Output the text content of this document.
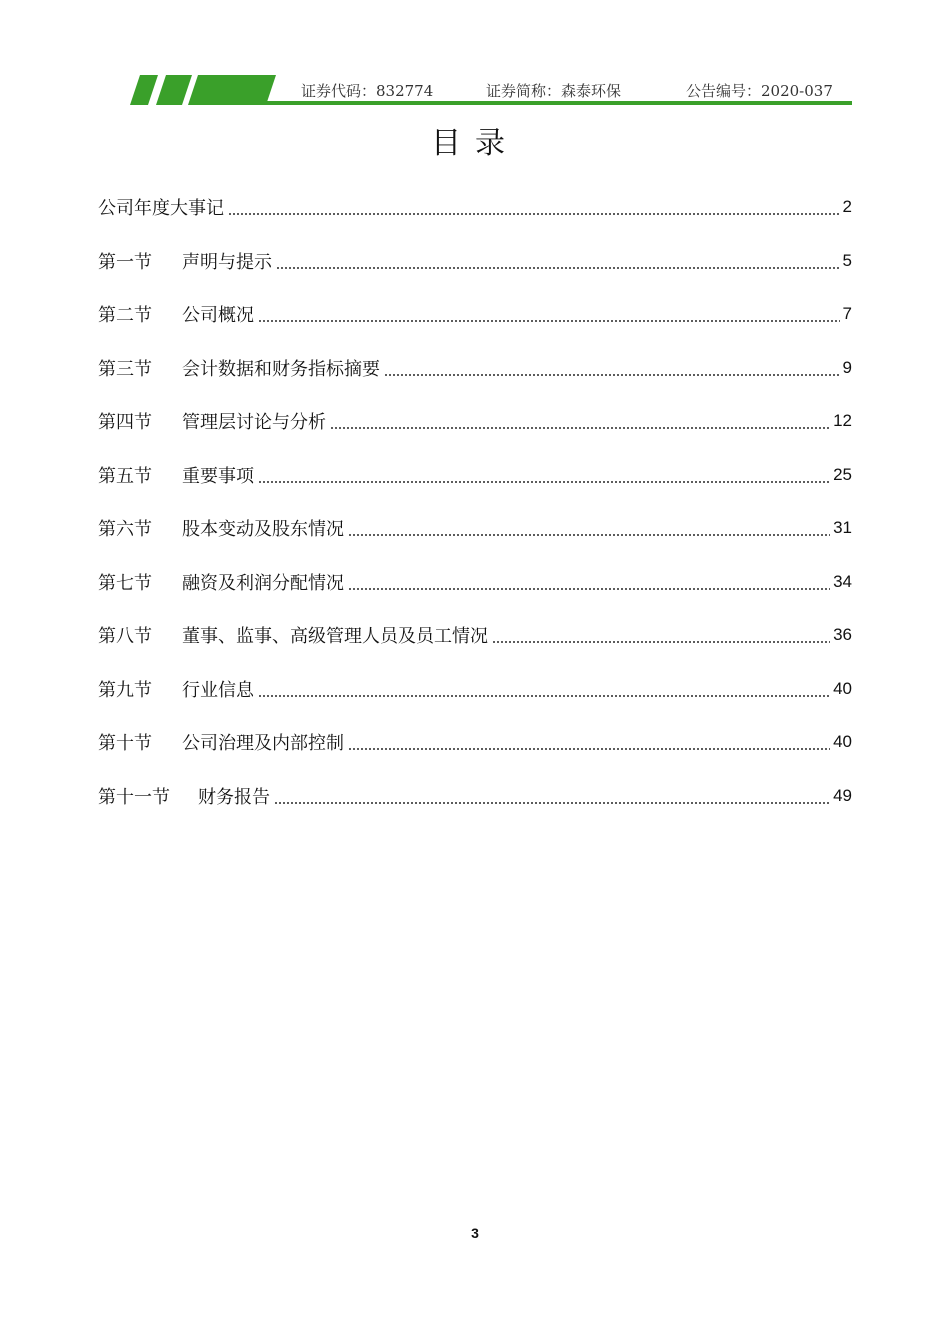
证券代码：832774	证券简称：森泰环保	公告编号：2020-037
目录
公司年度大事记	2
第一节	声明与提示	5
第二节	公司概况	7
第三节	会计数据和财务指标摘要	9
第四节	管理层讨论与分析	12
第五节	重要事项	25
第六节	股本变动及股东情况	31
第七节	融资及利润分配情况	34
第八节	董事、监事、高级管理人员及员工情况	36
第九节	行业信息	40
第十节	公司治理及内部控制	40
第十一节	财务报告	49
3
